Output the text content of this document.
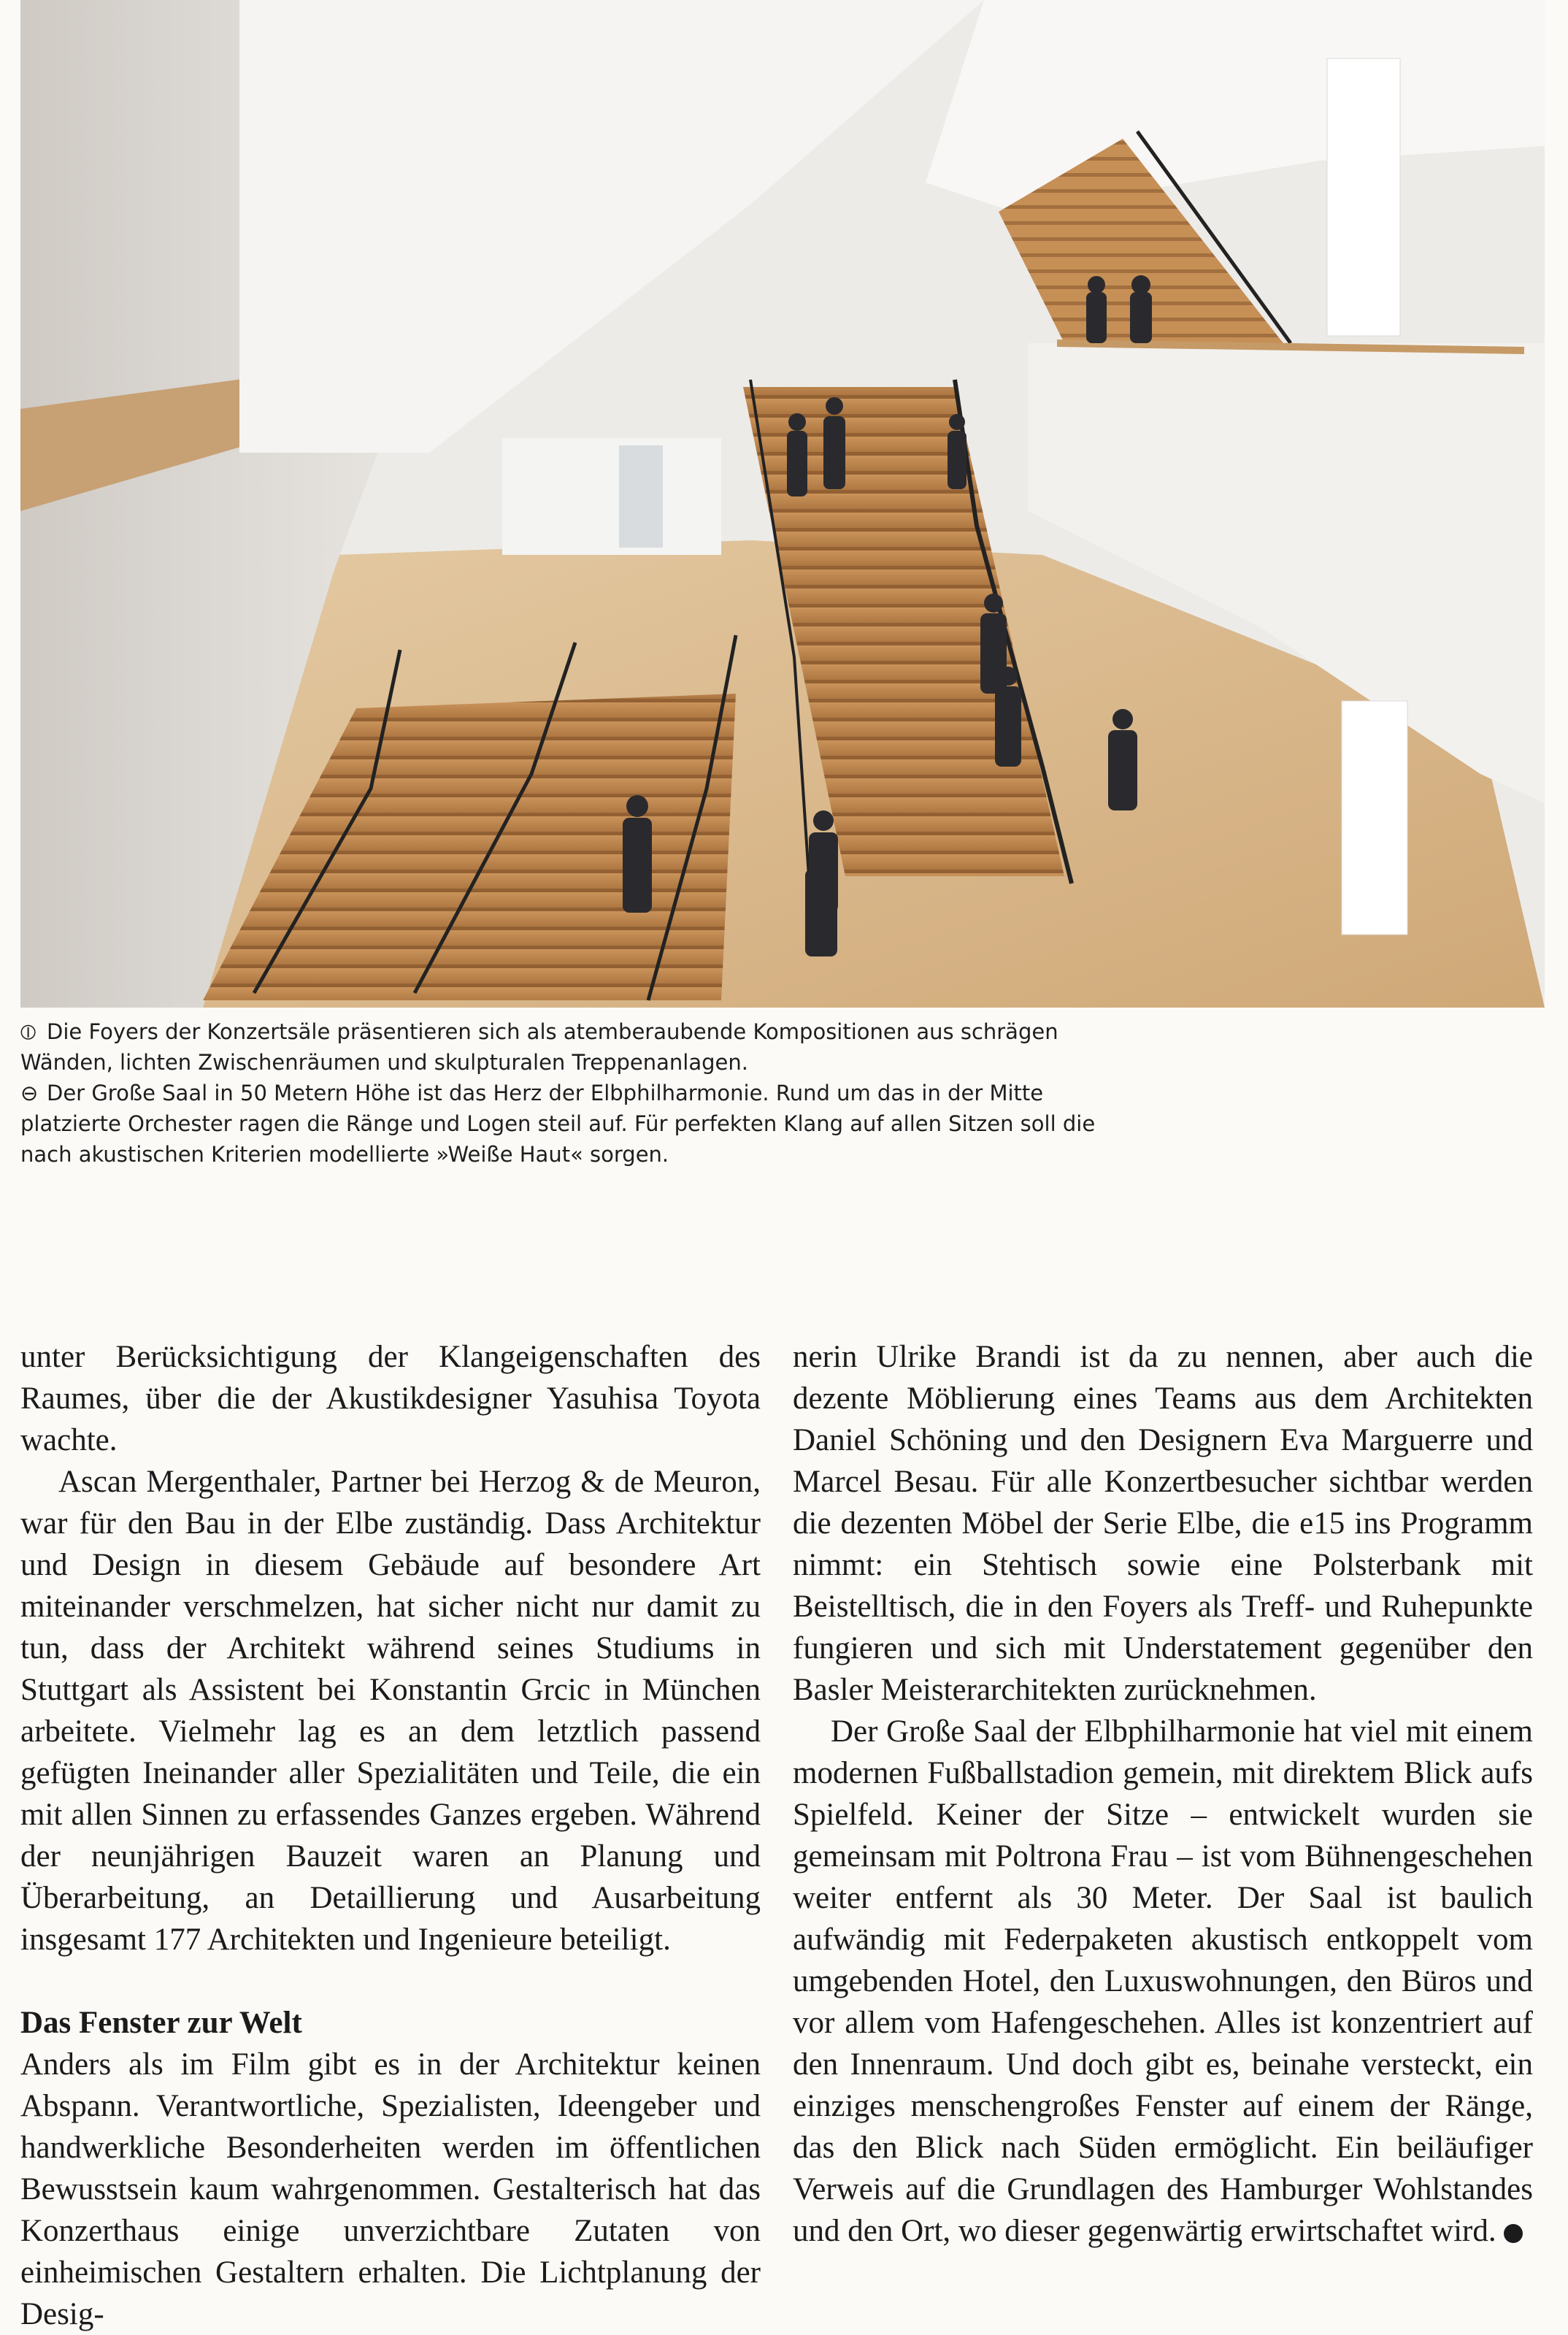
⦶ Die Foyers der Konzertsäle präsentieren sich als atemberaubende Kompositionen aus schrägen Wänden, lichten Zwischenräumen und skulpturalen Treppenanlagen.

⊖ Der Große Saal in 50 Metern Höhe ist das Herz der Elbphilharmonie. Rund um das in der Mitte platzierte Orchester ragen die Ränge und Logen steil auf. Für perfekten Klang auf allen Sitzen soll die nach akustischen Kriterien modellierte »Weiße Haut« sorgen.

unter Berücksichtigung der Klangeigenschaften des Raumes, über die der Akustikdesigner Yasuhisa Toyota wachte.

Ascan Mergenthaler, Partner bei Herzog & de Meuron, war für den Bau in der Elbe zuständig. Dass Architektur und Design in diesem Gebäude auf besondere Art miteinander verschmelzen, hat sicher nicht nur damit zu tun, dass der Architekt während seines Studiums in Stuttgart als Assistent bei Konstantin Grcic in München arbeitete. Vielmehr lag es an dem letztlich passend gefügten Ineinander aller Spezialitäten und Teile, die ein mit allen Sinnen zu erfassendes Ganzes ergeben. Während der neunjährigen Bauzeit waren an Planung und Überarbeitung, an Detaillierung und Ausarbeitung insgesamt 177 Architekten und Ingenieure beteiligt.

Das Fenster zur Welt

Anders als im Film gibt es in der Architektur keinen Abspann. Verantwortliche, Spezialisten, Ideengeber und handwerkliche Besonderheiten werden im öffentlichen Bewusstsein kaum wahrgenommen. Gestalterisch hat das Konzerthaus einige unverzichtbare Zutaten von einheimischen Gestaltern erhalten. Die Lichtplanung der Desig-

nerin Ulrike Brandi ist da zu nennen, aber auch die dezente Möblierung eines Teams aus dem Architekten Daniel Schöning und den Designern Eva Marguerre und Marcel Besau. Für alle Konzertbesucher sichtbar werden die dezenten Möbel der Serie Elbe, die e15 ins Programm nimmt: ein Stehtisch sowie eine Polsterbank mit Beistelltisch, die in den Foyers als Treff- und Ruhepunkte fungieren und sich mit Understatement gegenüber den Basler Meisterarchitekten zurücknehmen.

Der Große Saal der Elbphilharmonie hat viel mit einem modernen Fußballstadion gemein, mit direktem Blick aufs Spielfeld. Keiner der Sitze – entwickelt wurden sie gemeinsam mit Poltrona Frau – ist vom Bühnengeschehen weiter entfernt als 30 Meter. Der Saal ist baulich aufwändig mit Federpaketen akustisch entkoppelt vom umgebenden Hotel, den Luxuswohnungen, den Büros und vor allem vom Hafengeschehen. Alles ist konzentriert auf den Innenraum. Und doch gibt es, beinahe versteckt, ein einziges menschengroßes Fenster auf einem der Ränge, das den Blick nach Süden ermöglicht. Ein beiläufiger Verweis auf die Grundlagen des Hamburger Wohlstandes und den Ort, wo dieser gegenwärtig erwirtschaftet wird.
